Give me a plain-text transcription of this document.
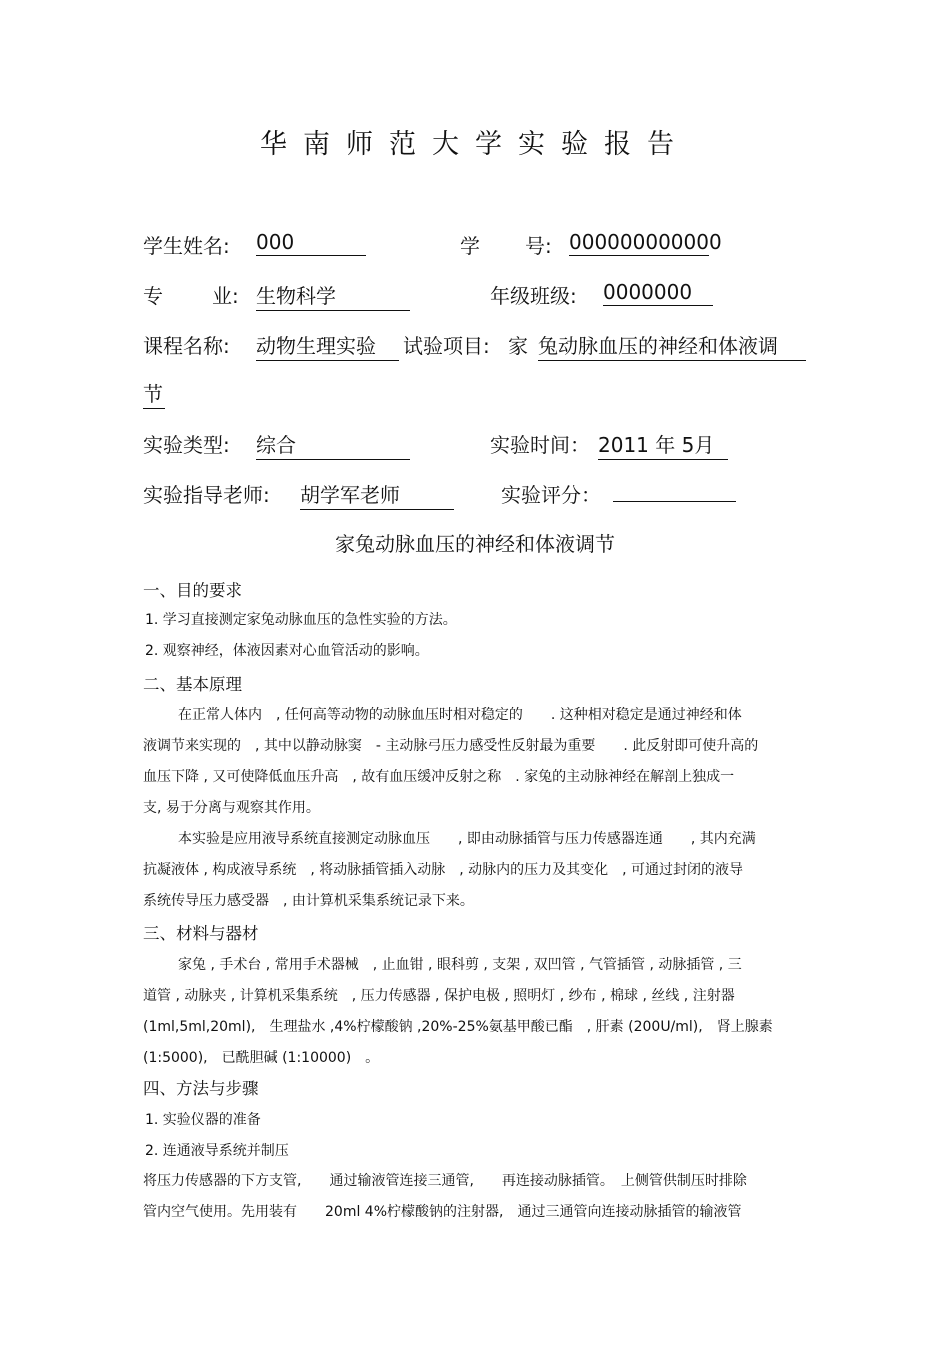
华南师范大学实验报告
学生姓名: 000	学 号: 000000000000
专 业: 生物科学	年级班级: 0000000
课程名称: 动物生理实验	试验项目: 家 兔动脉血压的神经和体液调
节
实验类型: 综合	实验时间： 2011 年 5月
实验指导老师: 胡学军老师	实验评分：
家兔动脉血压的神经和体液调节
一、目的要求
1. 学习直接测定家兔动脉血压的急性实验的方法。
2. 观察神经，体液因素对心血管活动的影响。
二、基本原理
在正常人体内　, 任何高等动物的动脉血压时相对稳定的　　. 这种相对稳定是通过神经和体
液调节来实现的　, 其中以静动脉窦　- 主动脉弓压力感受性反射最为重要　　. 此反射即可使升高的
血压下降 , 又可使降低血压升高　, 故有血压缓冲反射之称　. 家兔的主动脉神经在解剖上独成一
支, 易于分离与观察其作用。
本实验是应用液导系统直接测定动脉血压　　, 即由动脉插管与压力传感器连通　　, 其内充满
抗凝液体 , 构成液导系统　, 将动脉插管插入动脉　, 动脉内的压力及其变化　, 可通过封闭的液导
系统传导压力感受器　, 由计算机采集系统记录下来。
三、材料与器材
家兔 , 手术台 , 常用手术器械　, 止血钳 , 眼科剪 , 支架 , 双凹管 , 气管插管 , 动脉插管 , 三
道管 , 动脉夹 , 计算机采集系统　, 压力传感器 , 保护电极 , 照明灯 , 纱布 , 棉球 , 丝线 , 注射器
(1ml,5ml,20ml),　生理盐水 ,4%柠檬酸钠 ,20%-25%氨基甲酸已酯　, 肝素 (200U/ml),　肾上腺素
(1:5000),　已酰胆碱 (1:10000)　。
四、方法与步骤
1. 实验仪器的准备
2. 连通液导系统并制压
将压力传感器的下方支管,　　通过输液管连接三通管,　　再连接动脉插管。　上侧管供制压时排除
管内空气使用。先用装有　　20ml 4%柠檬酸钠的注射器,　通过三通管向连接动脉插管的输液管
